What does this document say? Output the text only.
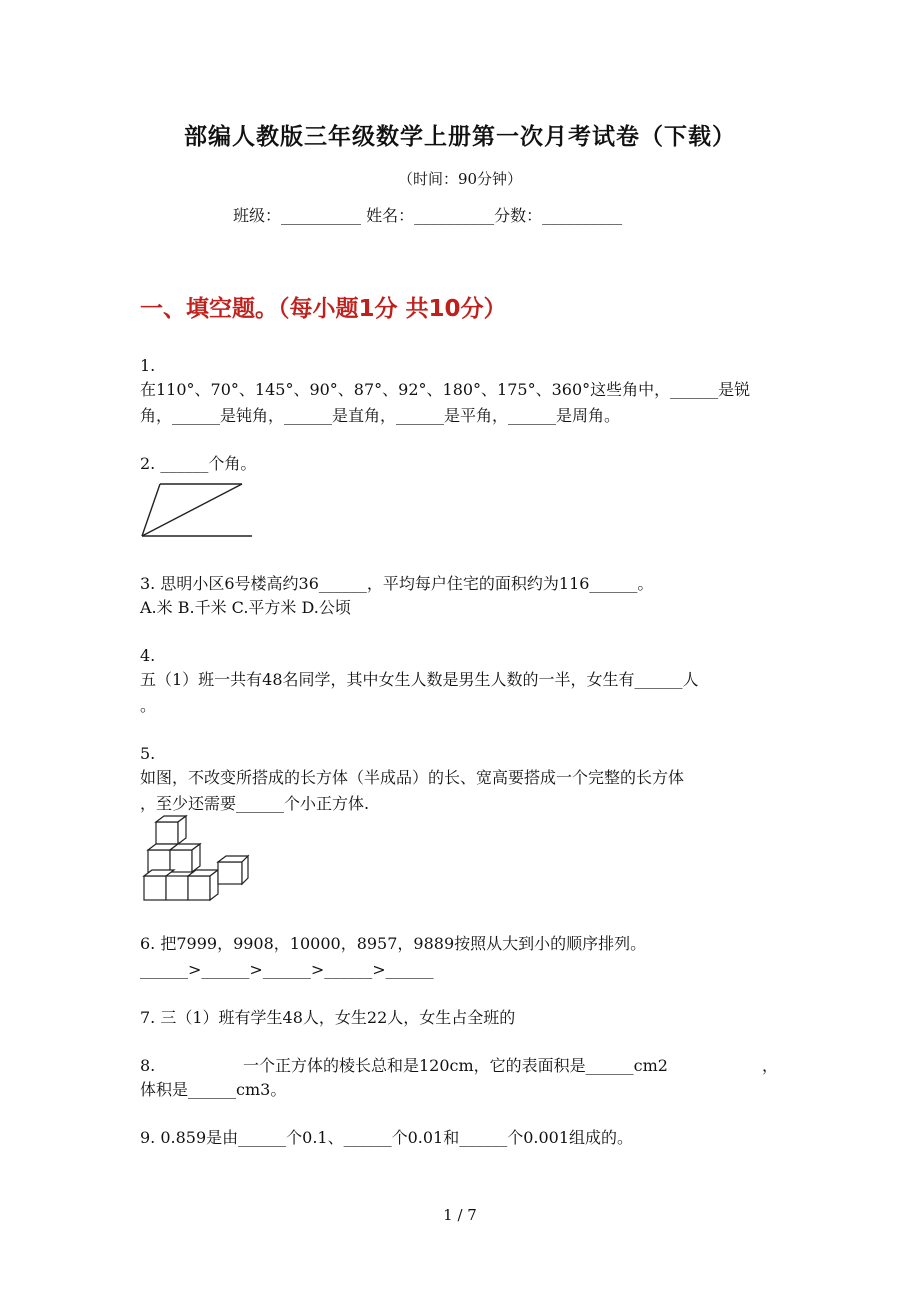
部编人教版三年级数学上册第一次月考试卷（下载）
（时间：90分钟）
班级：__________ 姓名：__________分数：__________
一、填空题。（每小题1分 共10分）
1.
在110°、70°、145°、90°、87°、92°、180°、175°、360°这些角中，______是锐
角，______是钝角，______是直角，______是平角，______是周角。
2. ______个角。
3. 思明小区6号楼高约36______，平均每户住宅的面积约为116______。
A.米 B.千米 C.平方米 D.公顷
4.
五（1）班一共有48名同学，其中女生人数是男生人数的一半，女生有______人
。
5.
如图，不改变所搭成的长方体（半成品）的长、宽高要搭成一个完整的长方体
，至少还需要______个小正方体.
6. 把7999，9908，10000，8957，9889按照从大到小的顺序排列。
______>______>______>______>______
7. 三（1）班有学生48人，女生22人，女生占全班的
8.	一个正方体的棱长总和是120cm，它的表面积是______cm2	，
体积是______cm3。
9. 0.859是由______个0.1、______个0.01和______个0.001组成的。
1 / 7
